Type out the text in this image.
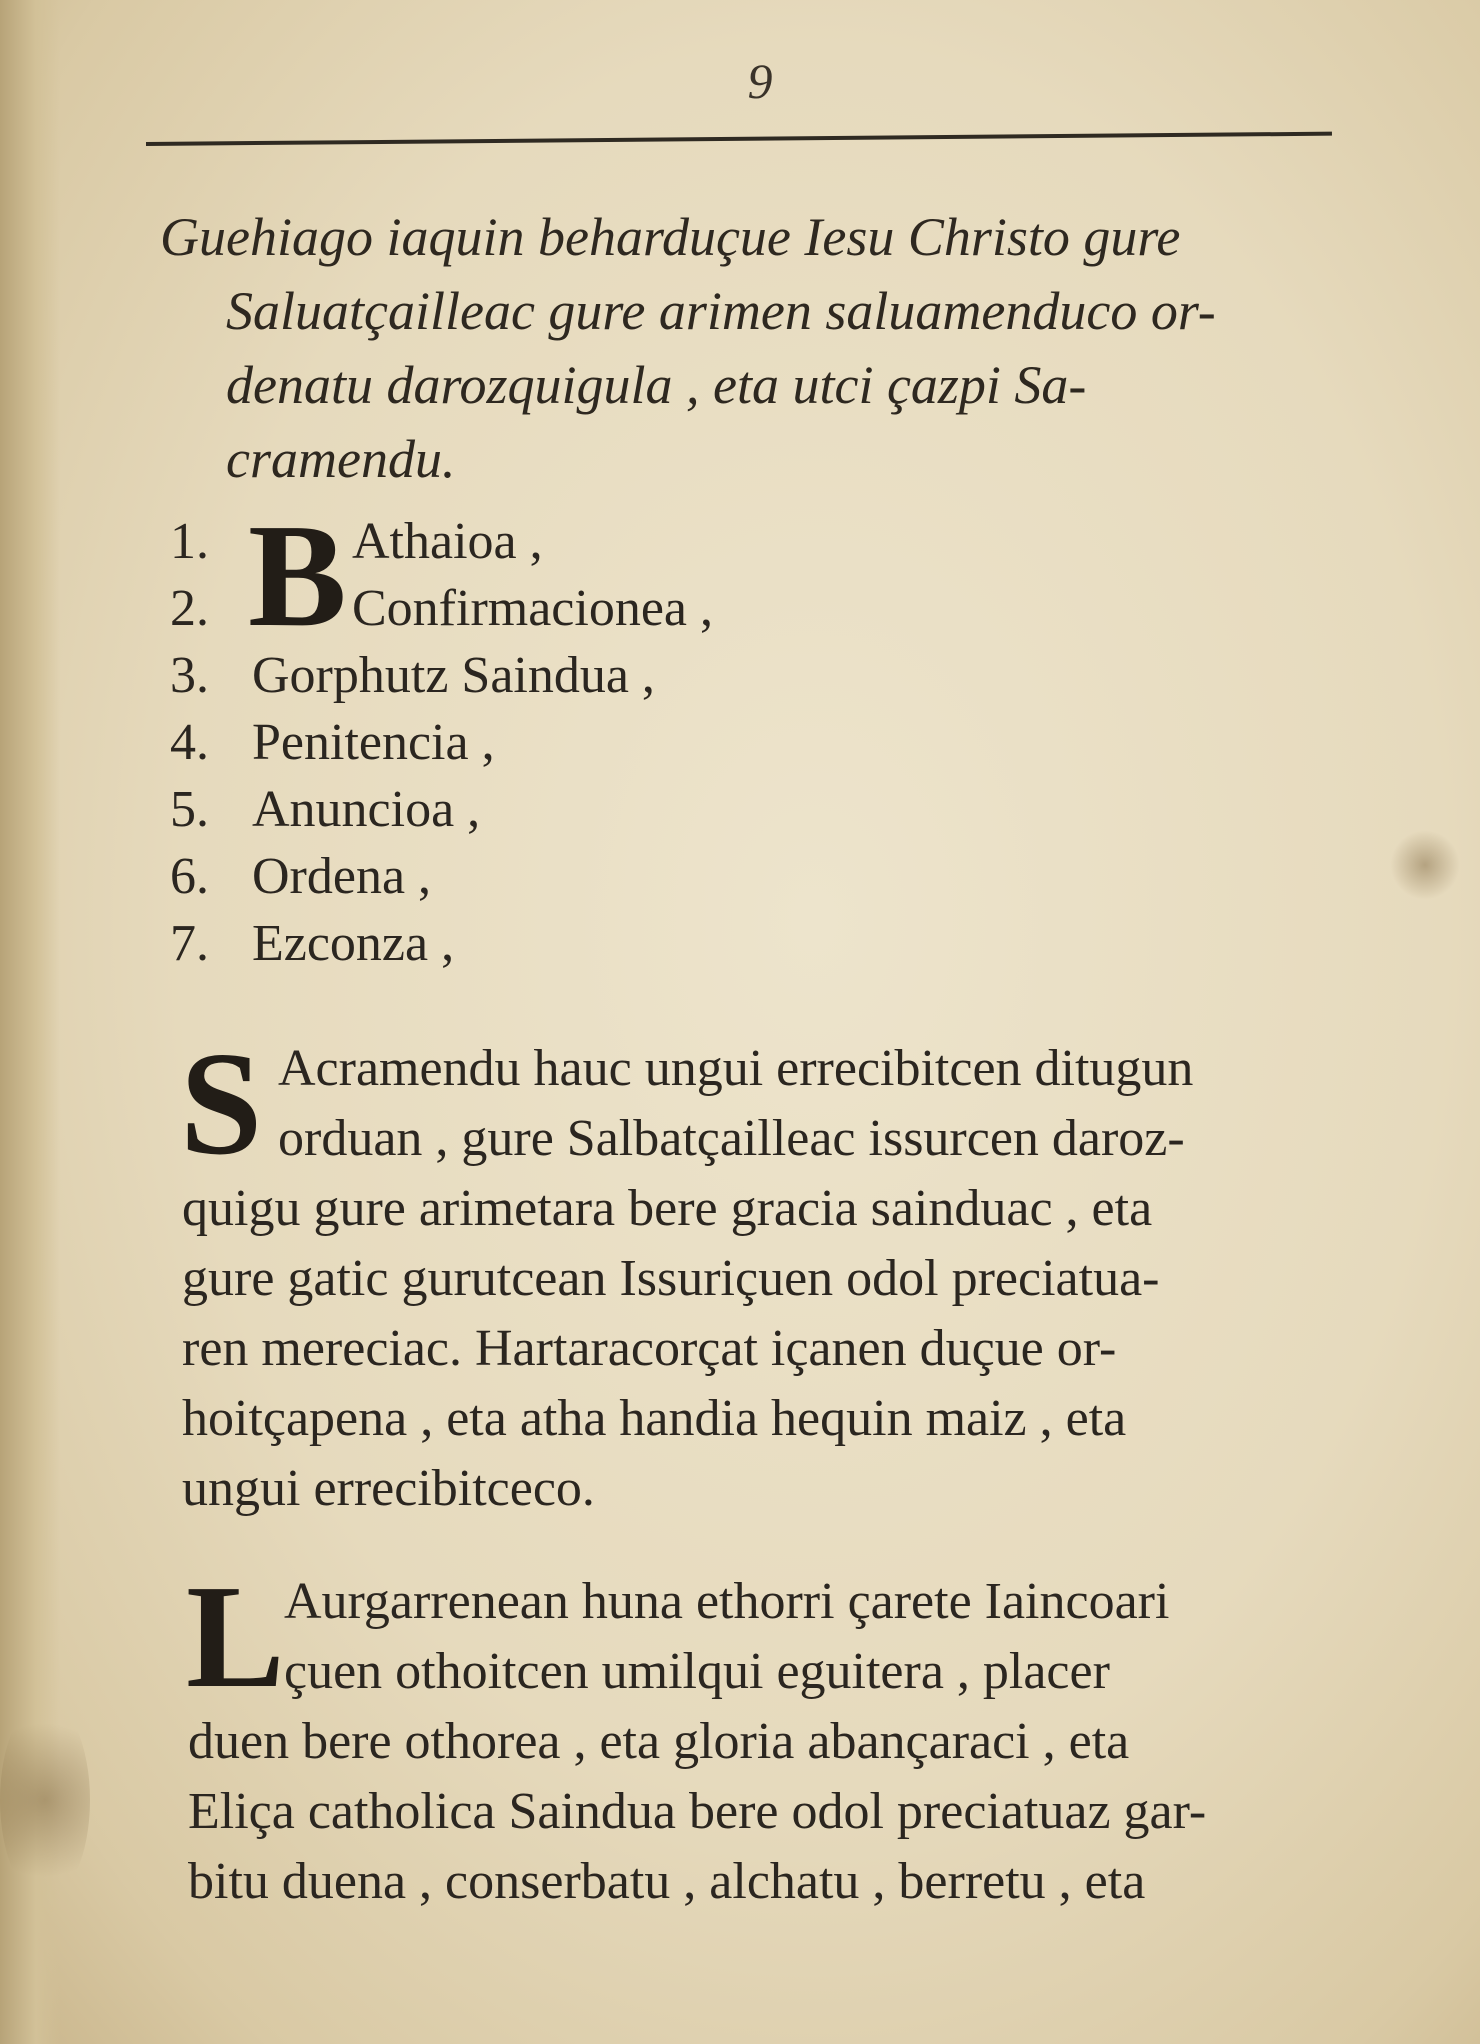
9
Guehiago iaquin beharduçue Iesu Christo gure
Saluatçailleac gure arimen saluamenduco or-
denatu darozquigula , eta utci çazpi Sa-
cramendu.
B
1.	Athaioa ,
2.	Confirmacionea ,
3. Gorphutz Saindua ,
4. Penitencia ,
5. Anuncioa ,
6. Ordena ,
7. Ezconza ,
S Acramendu hauc ungui errecibitcen ditugun
orduan , gure Salbatçailleac issurcen daroz-
quigu gure arimetara bere gracia sainduac , eta
gure gatic gurutcean Issuriçuen odol preciatua-
ren mereciac. Hartaracorçat içanen duçue or-
hoitçapena , eta atha handia hequin maiz , eta
ungui errecibitceco.
L Aurgarrenean huna ethorri çarete Iaincoari
çuen othoitcen umilqui eguitera , placer
duen bere othorea , eta gloria abançaraci , eta
Eliça catholica Saindua bere odol preciatuaz gar-
bitu duena , conserbatu , alchatu , berretu , eta
